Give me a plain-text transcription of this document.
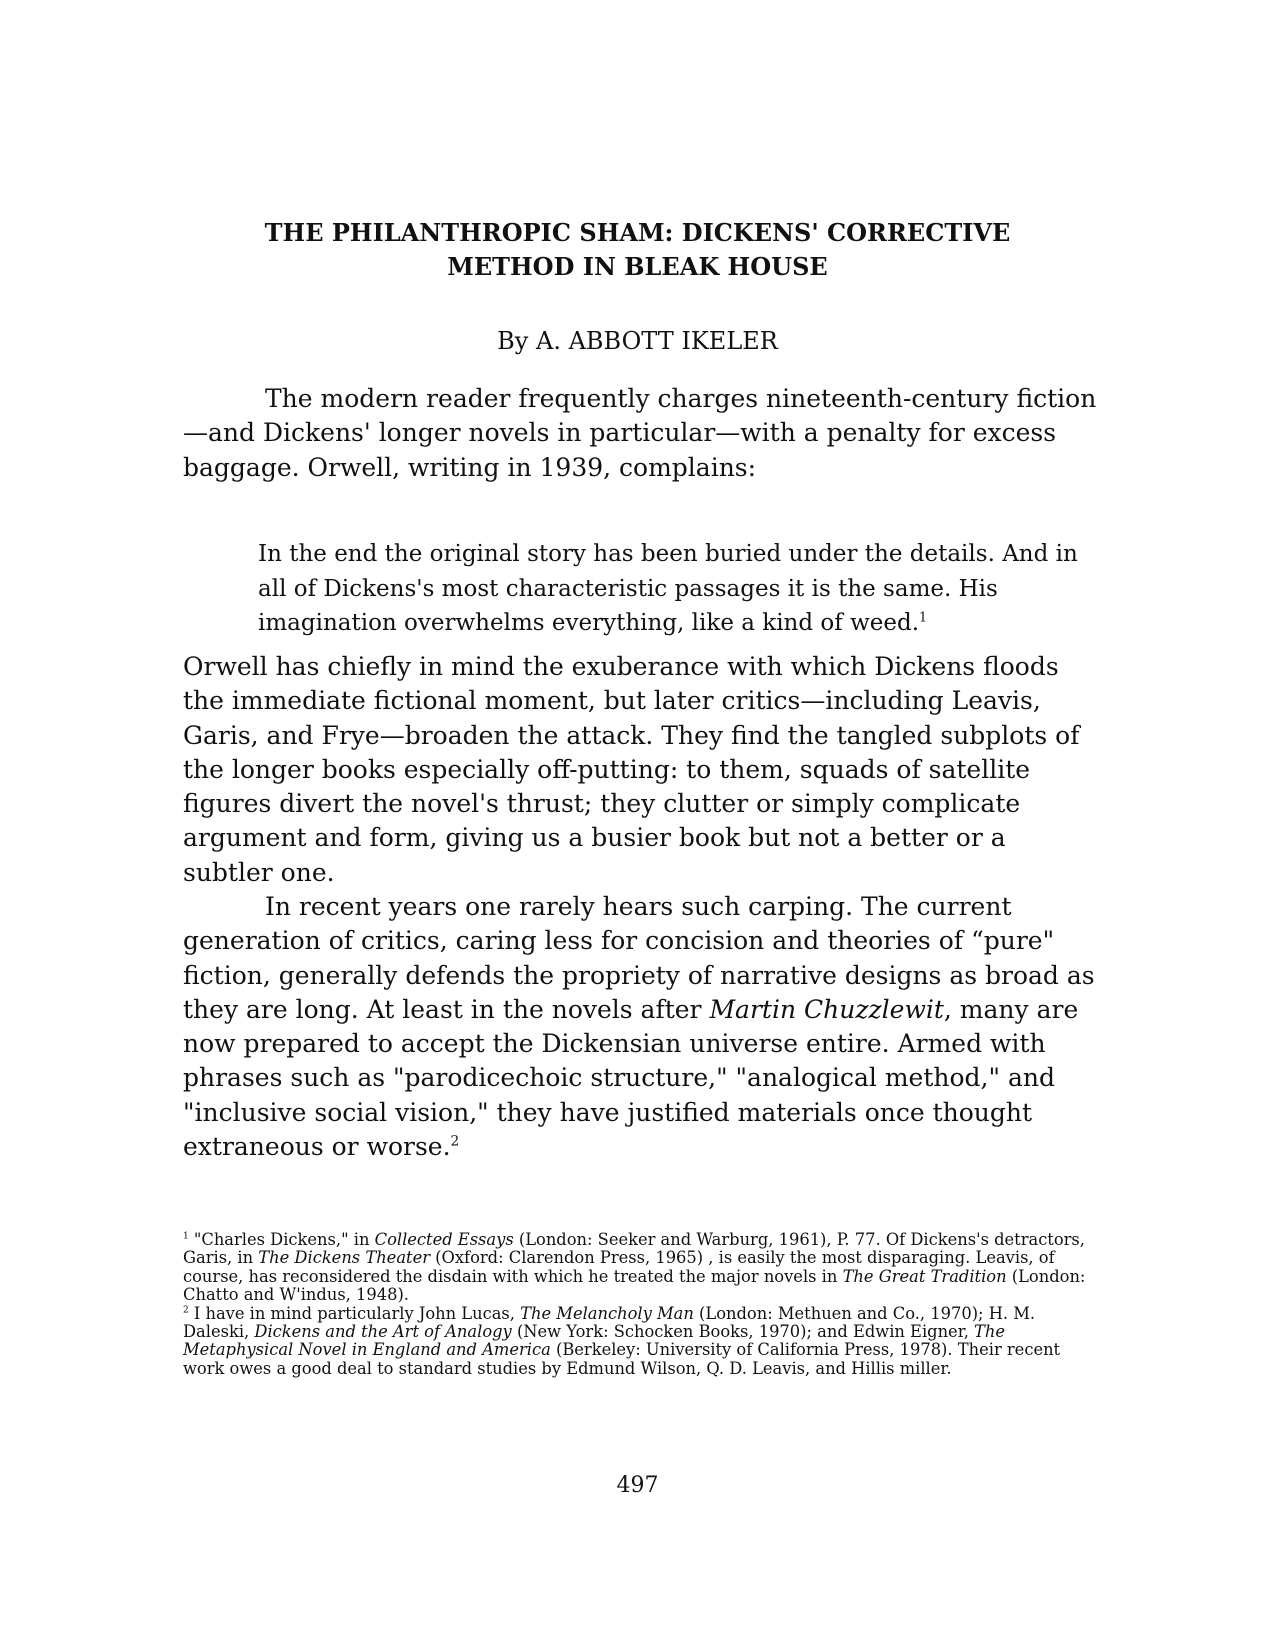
THE PHILANTHROPIC SHAM: DICKENS' CORRECTIVE
METHOD IN BLEAK HOUSE
By A. ABBOTT IKELER

The modern reader frequently charges nineteenth-century fiction—and Dickens' longer novels in particular—with a penalty for excess baggage. Orwell, writing in 1939, complains:

In the end the original story has been buried under the details. And in all of Dickens's most characteristic passages it is the same. His imagination overwhelms everything, like a kind of weed.$^1$

Orwell has chiefly in mind the exuberance with which Dickens floods the immediate fictional moment, but later critics—including Leavis, Garis, and Frye—broaden the attack. They find the tangled subplots of the longer books especially off-putting: to them, squads of satellite figures divert the novel's thrust; they clutter or simply complicate argument and form, giving us a busier book but not a better or a subtler one.

In recent years one rarely hears such carping. The current generation of critics, caring less for concision and theories of “pure" fiction, generally defends the propriety of narrative designs as broad as they are long. At least in the novels after Martin Chuzzlewit, many are now prepared to accept the Dickensian universe entire. Armed with phrases such as "parodicechoic structure," "analogical method," and "inclusive social vision," they have justified materials once thought extraneous or worse.$^2$

$^1$ "Charles Dickens," in Collected Essays (London: Seeker and Warburg, 1961), P. 77. Of Dickens's detractors, Garis, in The Dickens Theater (Oxford: Clarendon Press, 1965) , is easily the most disparaging. Leavis, of course, has reconsidered the disdain with which he treated the major novels in The Great Tradition (London: Chatto and W'indus, 1948).

$^2$ I have in mind particularly John Lucas, The Melancholy Man (London: Methuen and Co., 1970); H. M. Daleski, Dickens and the Art of Analogy (New York: Schocken Books, 1970); and Edwin Eigner, The Metaphysical Novel in England and America (Berkeley: University of California Press, 1978). Their recent work owes a good deal to standard studies by Edmund Wilson, Q. D. Leavis, and Hillis miller.

497
